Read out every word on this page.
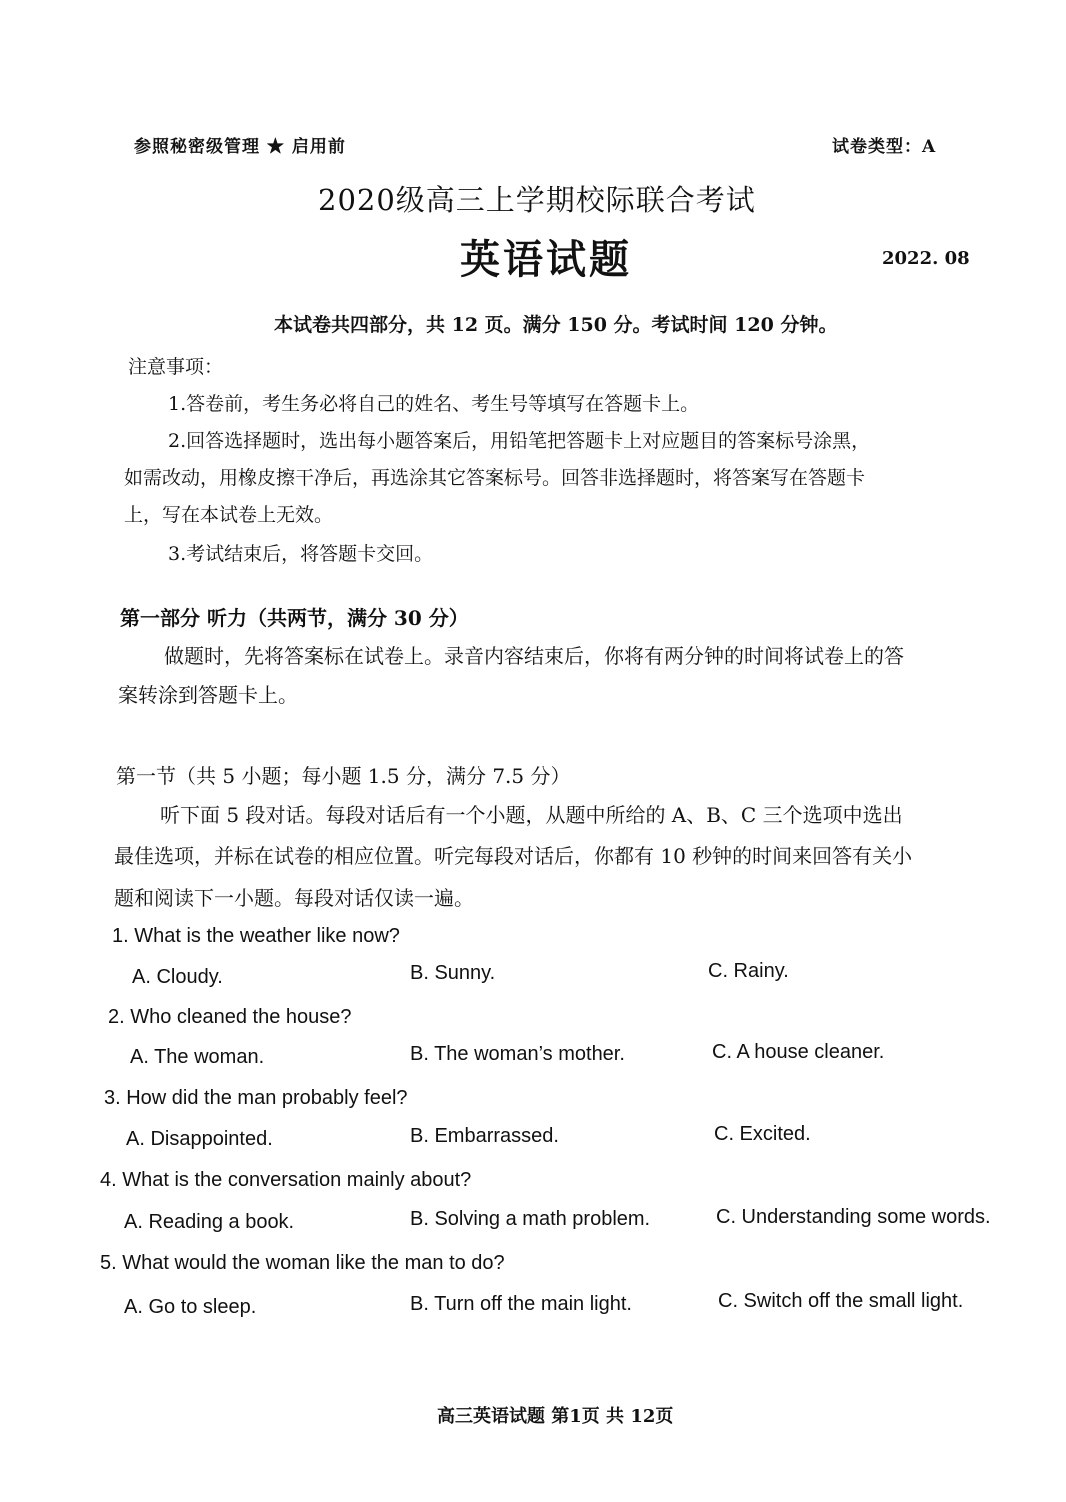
参照秘密级管理 ★ 启用前	试卷类型：A
2020级高三上学期校际联合考试
英语试题	2022. 08
本试卷共四部分，共 12 页。满分 150 分。考试时间 120 分钟。
注意事项：
1.答卷前，考生务必将自己的姓名、考生号等填写在答题卡上。
2.回答选择题时，选出每小题答案后，用铅笔把答题卡上对应题目的答案标号涂黑，
如需改动，用橡皮擦干净后，再选涂其它答案标号。回答非选择题时，将答案写在答题卡
上，写在本试卷上无效。
3.考试结束后，将答题卡交回。
第一部分 听力（共两节，满分 30 分）
做题时，先将答案标在试卷上。录音内容结束后，你将有两分钟的时间将试卷上的答
案转涂到答题卡上。
第一节（共 5 小题；每小题 1.5 分，满分 7.5 分）
听下面 5 段对话。每段对话后有一个小题，从题中所给的 A、B、C 三个选项中选出
最佳选项，并标在试卷的相应位置。听完每段对话后，你都有 10 秒钟的时间来回答有关小
题和阅读下一小题。每段对话仅读一遍。
1. What is the weather like now?
A. Cloudy.	B. Sunny.	C. Rainy.
2. Who cleaned the house?
A. The woman.	B. The woman’s mother.	C. A house cleaner.
3. How did the man probably feel?
A. Disappointed.	B. Embarrassed.	C. Excited.
4. What is the conversation mainly about?
A. Reading a book.	B. Solving a math problem.	C. Understanding some words.
5. What would the woman like the man to do?
A. Go to sleep.	B. Turn off the main light.	C. Switch off the small light.
高三英语试题 第1页 共 12页
